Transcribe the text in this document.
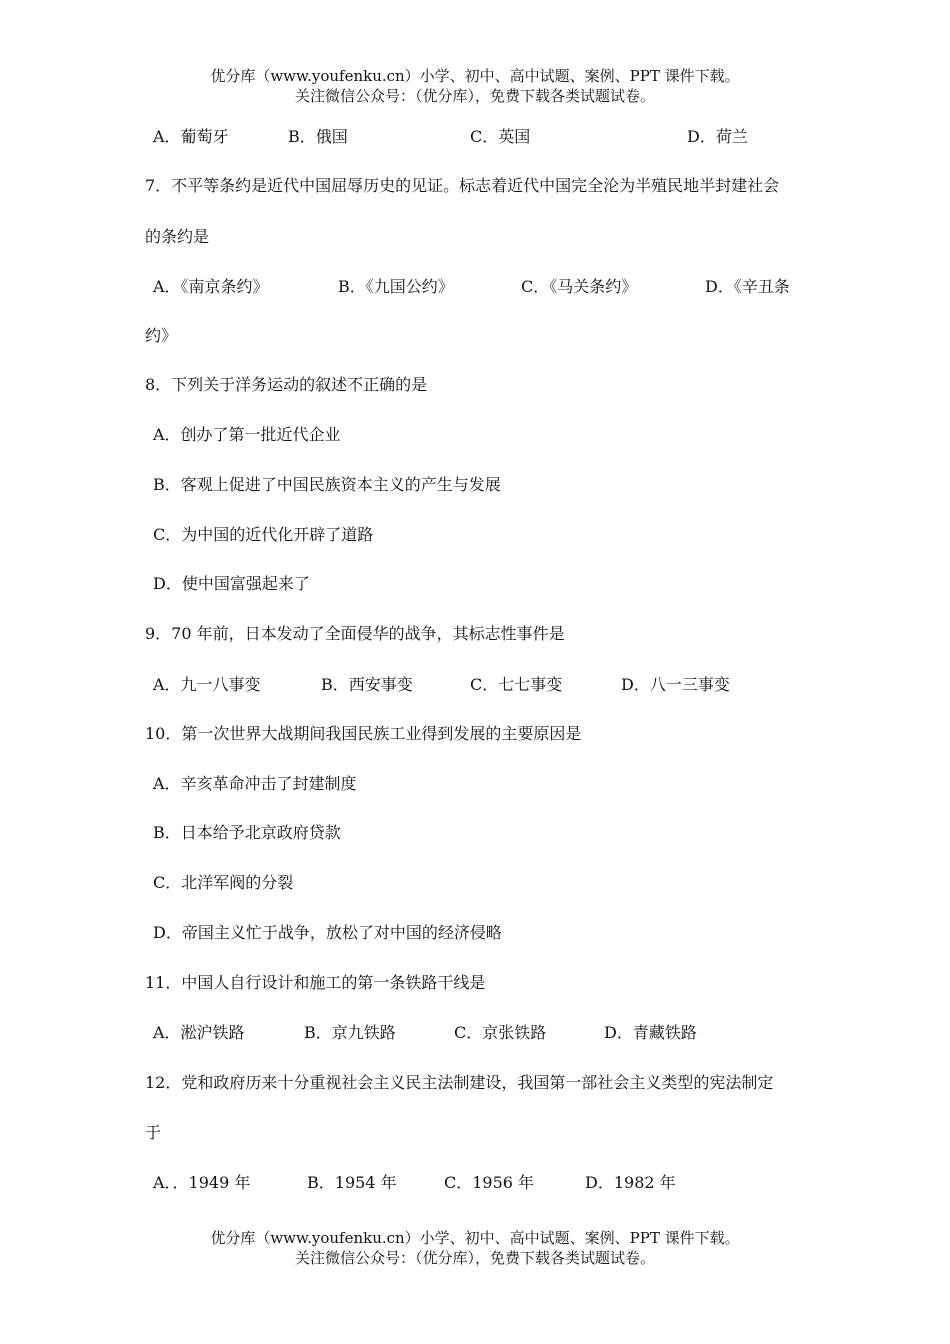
优分库（www.youfenku.cn）小学、初中、高中试题、案例、PPT 课件下载。
关注微信公众号：（优分库），免费下载各类试题试卷。
A．葡萄牙	B．俄国	C．英国	D．荷兰
7．不平等条约是近代中国屈辱历史的见证。标志着近代中国完全沦为半殖民地半封建社会
的条约是
A．《南京条约》	B．《九国公约》	C．《马关条约》	D．《辛丑条
约》
8．下列关于洋务运动的叙述不正确的是
A．创办了第一批近代企业
B．客观上促进了中国民族资本主义的产生与发展
C．为中国的近代化开辟了道路
D．使中国富强起来了
9．70 年前，日本发动了全面侵华的战争，其标志性事件是
A．九一八事变	B．西安事变	C．七七事变	D．八一三事变
10．第一次世界大战期间我国民族工业得到发展的主要原因是
A．辛亥革命冲击了封建制度
B．日本给予北京政府贷款
C．北洋军阀的分裂
D．帝国主义忙于战争，放松了对中国的经济侵略
11．中国人自行设计和施工的第一条铁路干线是
A．淞沪铁路	B．京九铁路	C．京张铁路	D．青藏铁路
12．党和政府历来十分重视社会主义民主法制建设，我国第一部社会主义类型的宪法制定
于
A．．1949 年	B．1954 年	C．1956 年	D．1982 年
优分库（www.youfenku.cn）小学、初中、高中试题、案例、PPT 课件下载。
关注微信公众号：（优分库），免费下载各类试题试卷。
